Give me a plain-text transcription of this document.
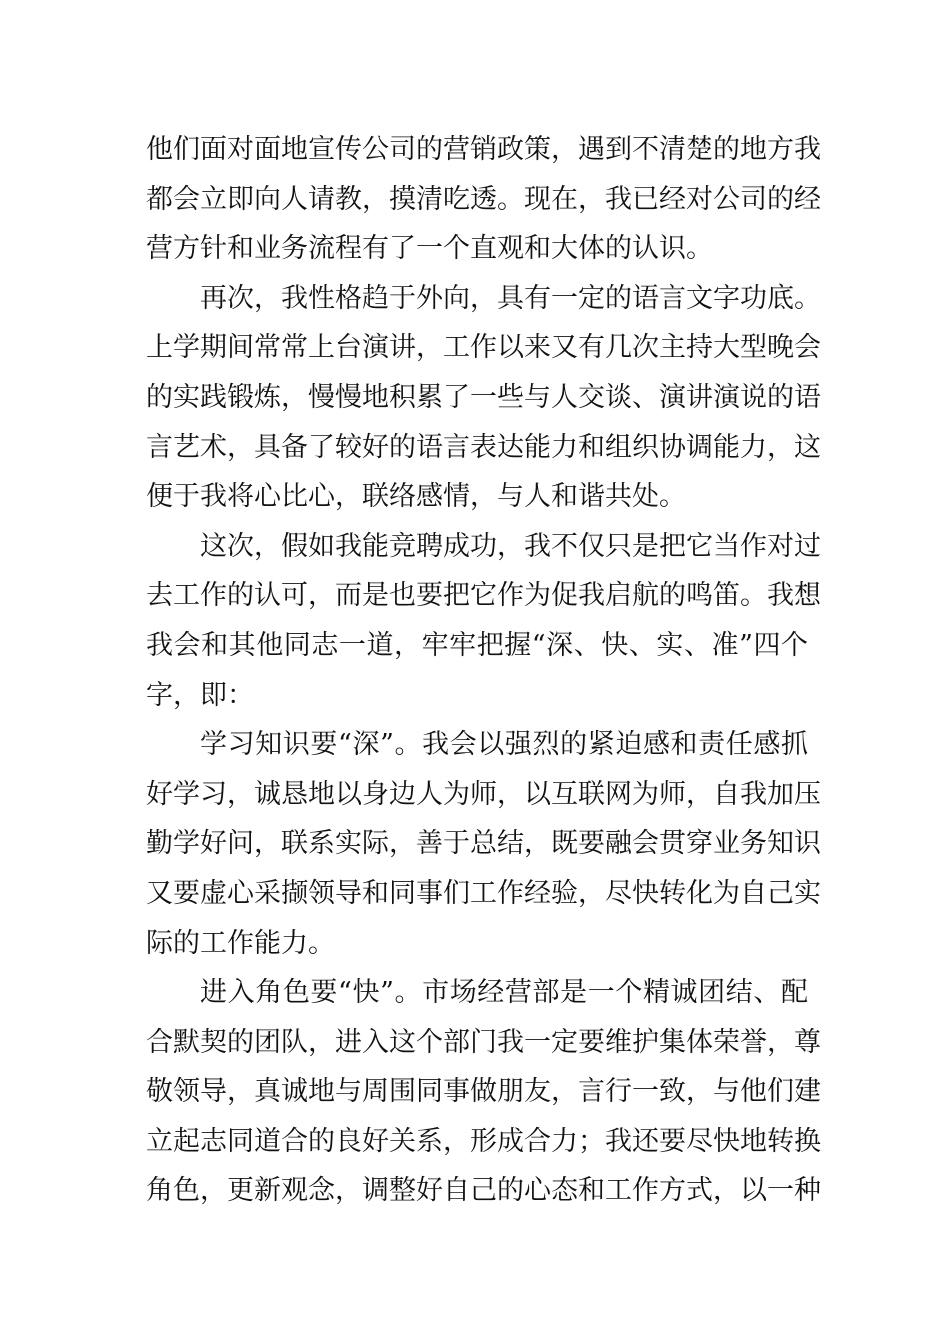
他们面对面地宣传公司的营销政策，遇到不清楚的地方我
都会立即向人请教，摸清吃透。现在，我已经对公司的经
营方针和业务流程有了一个直观和大体的认识。
再次，我性格趋于外向，具有一定的语言文字功底。
上学期间常常上台演讲，工作以来又有几次主持大型晚会
的实践锻炼，慢慢地积累了一些与人交谈、演讲演说的语
言艺术，具备了较好的语言表达能力和组织协调能力，这
便于我将心比心，联络感情，与人和谐共处。
这次，假如我能竞聘成功，我不仅只是把它当作对过
去工作的认可，而是也要把它作为促我启航的鸣笛。我想
我会和其他同志一道，牢牢把握“深、快、实、准”四个
字，即：
学习知识要“深”。我会以强烈的紧迫感和责任感抓
好学习，诚恳地以身边人为师，以互联网为师，自我加压
勤学好问，联系实际，善于总结，既要融会贯穿业务知识
又要虚心采撷领导和同事们工作经验，尽快转化为自己实
际的工作能力。
进入角色要“快”。市场经营部是一个精诚团结、配
合默契的团队，进入这个部门我一定要维护集体荣誉，尊
敬领导，真诚地与周围同事做朋友，言行一致，与他们建
立起志同道合的良好关系，形成合力；我还要尽快地转换
角色，更新观念，调整好自己的心态和工作方式，以一种
